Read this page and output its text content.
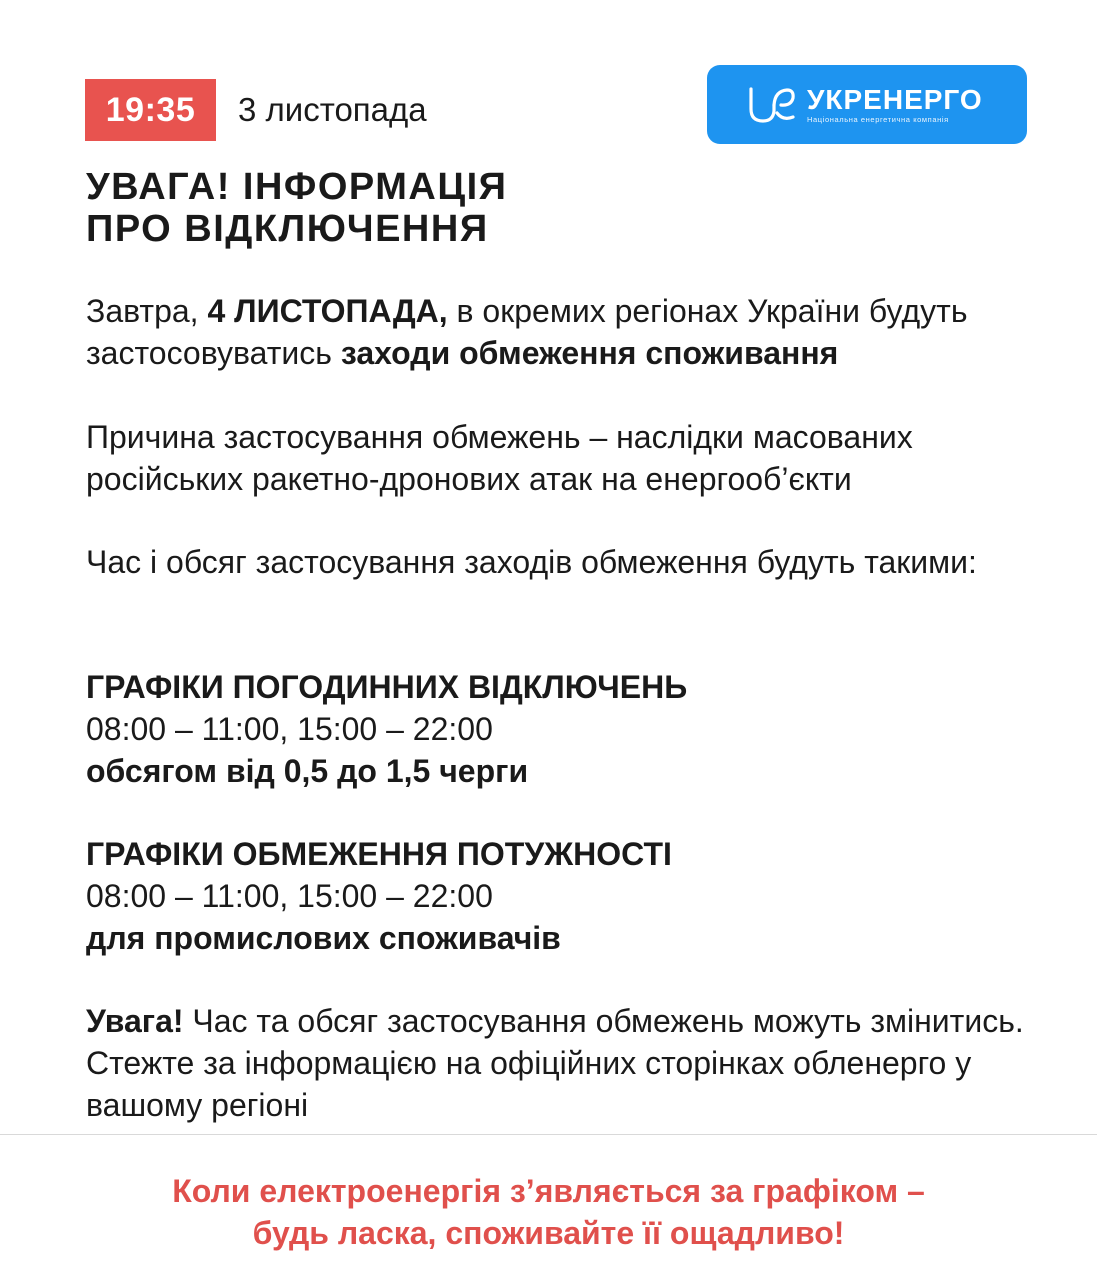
19:35	3 листопада	УКРЕНЕРГО
Національна енергетична компанія
УВАГА! ІНФОРМАЦІЯ
ПРО ВІДКЛЮЧЕННЯ

Завтра, 4 ЛИСТОПАДА, в окремих регіонах України будуть застосовуватись заходи обмеження споживання

Причина застосування обмежень – наслідки масованих російських ракетно-дронових атак на енергооб’єкти

Час і обсяг застосування заходів обмеження будуть такими:

ГРАФІКИ ПОГОДИННИХ ВІДКЛЮЧЕНЬ
08:00 – 11:00, 15:00 – 22:00
обсягом від 0,5 до 1,5 черги
ГРАФІКИ ОБМЕЖЕННЯ ПОТУЖНОСТІ
08:00 – 11:00, 15:00 – 22:00
для промислових споживачів

Увага! Час та обсяг застосування обмежень можуть змінитись. Стежте за інформацією на офіційних сторінках обленерго у вашому регіоні

Коли електроенергія з’являється за графіком –
будь ласка, споживайте її ощадливо!
